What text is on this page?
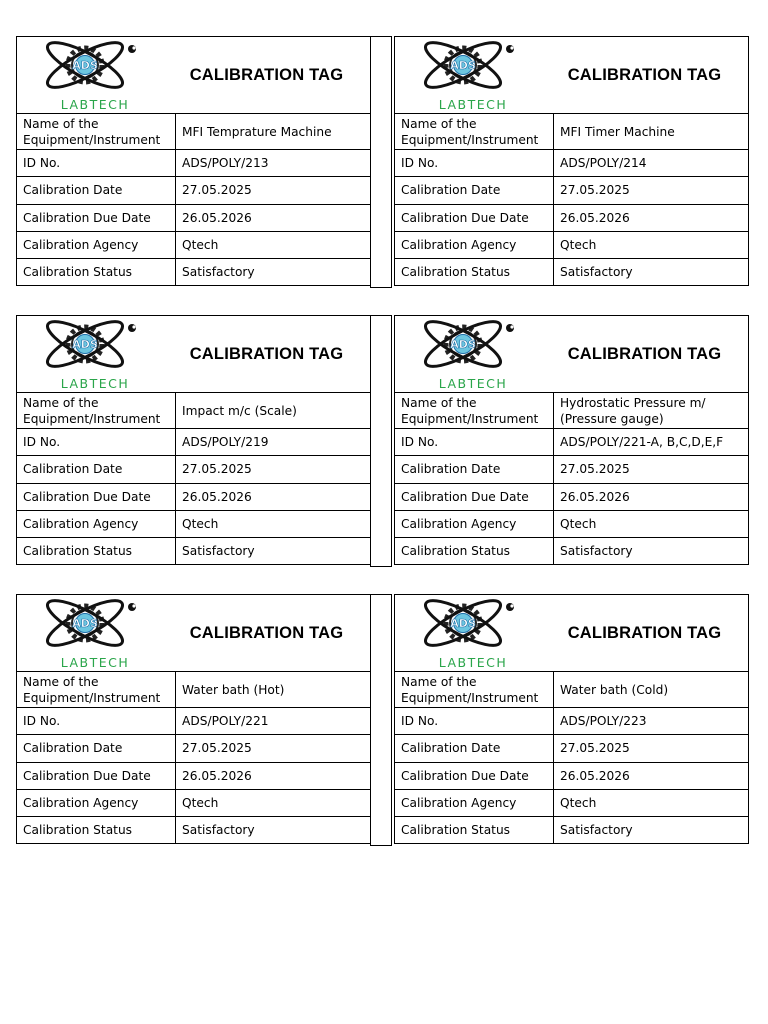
ADS
LABTECH
CALIBRATION TAG	

Name of the Equipment/Instrument	MFI Temprature Machine
ID No.	ADS/POLY/213
Calibration Date	27.05.2025
Calibration Due Date	26.05.2026
Calibration Agency	Qtech
Calibration Status	Satisfactory
ADS
LABTECH
CALIBRATION TAG	

Name of the Equipment/Instrument	MFI Timer Machine
ID No.	ADS/POLY/214
Calibration Date	27.05.2025
Calibration Due Date	26.05.2026
Calibration Agency	Qtech
Calibration Status	Satisfactory
ADS
LABTECH
CALIBRATION TAG	

Name of the Equipment/Instrument	Impact m/c (Scale)
ID No.	ADS/POLY/219
Calibration Date	27.05.2025
Calibration Due Date	26.05.2026
Calibration Agency	Qtech
Calibration Status	Satisfactory
ADS
LABTECH
CALIBRATION TAG	

Name of the Equipment/Instrument	Hydrostatic Pressure m/ (Pressure gauge)
ID No.	ADS/POLY/221-A, B,C,D,E,F
Calibration Date	27.05.2025
Calibration Due Date	26.05.2026
Calibration Agency	Qtech
Calibration Status	Satisfactory
ADS
LABTECH
CALIBRATION TAG	

Name of the Equipment/Instrument	Water bath (Hot)
ID No.	ADS/POLY/221
Calibration Date	27.05.2025
Calibration Due Date	26.05.2026
Calibration Agency	Qtech
Calibration Status	Satisfactory
ADS
LABTECH
CALIBRATION TAG	

Name of the Equipment/Instrument	Water bath (Cold)
ID No.	ADS/POLY/223
Calibration Date	27.05.2025
Calibration Due Date	26.05.2026
Calibration Agency	Qtech
Calibration Status	Satisfactory
